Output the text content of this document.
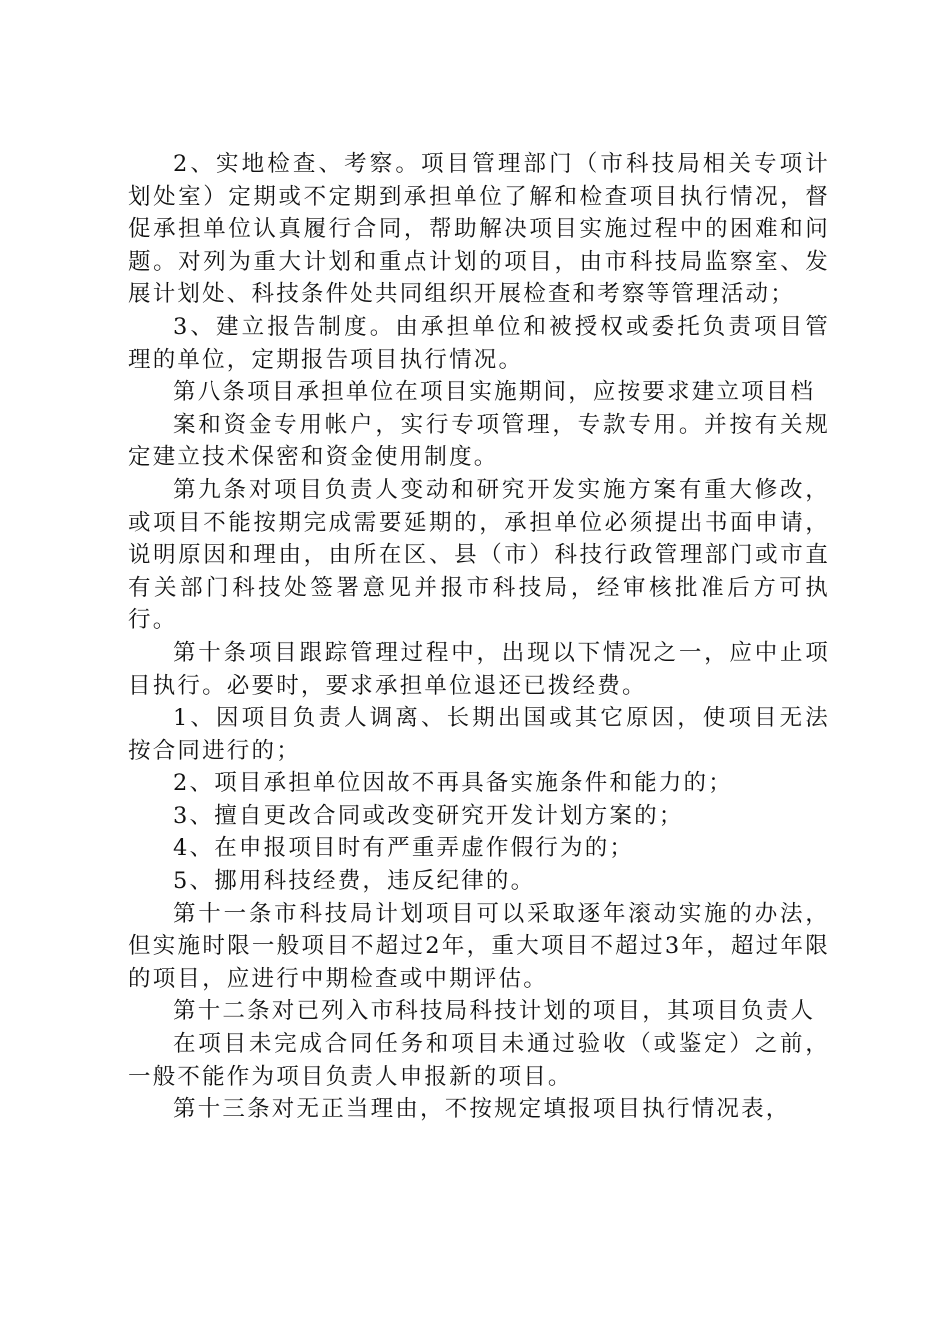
2、实地检查、考察。项目管理部门（市科技局相关专项计划处室）定期或不定期到承担单位了解和检查项目执行情况，督促承担单位认真履行合同，帮助解决项目实施过程中的困难和问题。对列为重大计划和重点计划的项目，由市科技局监察室、发展计划处、科技条件处共同组织开展检查和考察等管理活动；

3、建立报告制度。由承担单位和被授权或委托负责项目管理的单位，定期报告项目执行情况。

第八条项目承担单位在项目实施期间，应按要求建立项目档

案和资金专用帐户，实行专项管理，专款专用。并按有关规定建立技术保密和资金使用制度。

第九条对项目负责人变动和研究开发实施方案有重大修改，或项目不能按期完成需要延期的，承担单位必须提出书面申请，说明原因和理由，由所在区、县（市）科技行政管理部门或市直有关部门科技处签署意见并报市科技局，经审核批准后方可执行。

第十条项目跟踪管理过程中，出现以下情况之一，应中止项目执行。必要时，要求承担单位退还已拨经费。

1、因项目负责人调离、长期出国或其它原因，使项目无法按合同进行的；

2、项目承担单位因故不再具备实施条件和能力的；

3、擅自更改合同或改变研究开发计划方案的；

4、在申报项目时有严重弄虚作假行为的；

5、挪用科技经费，违反纪律的。

第十一条市科技局计划项目可以采取逐年滚动实施的办法，但实施时限一般项目不超过2年，重大项目不超过3年，超过年限的项目，应进行中期检查或中期评估。

第十二条对已列入市科技局科技计划的项目，其项目负责人

在项目未完成合同任务和项目未通过验收（或鉴定）之前，一般不能作为项目负责人申报新的项目。

第十三条对无正当理由，不按规定填报项目执行情况表，
